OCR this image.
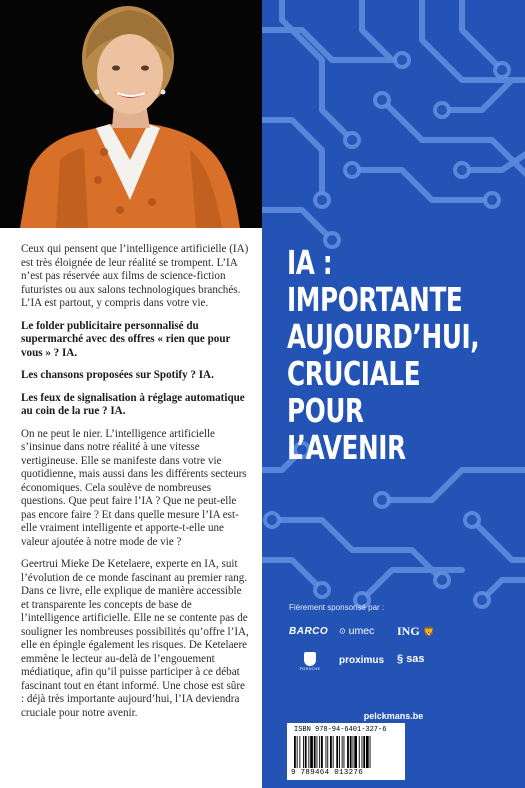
Ceux qui pensent que l’intelligence artificielle (IA) est très éloignée de leur réalité se trompent. L’IA n’est pas réservée aux films de science-fiction futuristes ou aux salons technologiques branchés. L’IA est partout, y compris dans votre vie.

Le folder publicitaire personnalisé du supermarché avec des offres « rien que pour vous » ? IA.

Les chansons proposées sur Spotify ? IA.

Les feux de signalisation à réglage automatique au coin de la rue ? IA.

On ne peut le nier. L’intelligence artificielle s’insinue dans notre réalité à une vitesse vertigineuse. Elle se manifeste dans votre vie quotidienne, mais aussi dans les différents secteurs économiques. Cela soulève de nombreuses questions. Que peut faire l’IA ? Que ne peut-elle pas encore faire ? Et dans quelle mesure l’IA est-elle vraiment intelligente et apporte-t-elle une valeur ajoutée à notre mode de vie ?

Geertrui Mieke De Ketelaere, experte en IA, suit l’évolution de ce monde fascinant au premier rang. Dans ce livre, elle explique de manière accessible et transparente les concepts de base de l’intelligence artificielle. Elle ne se contente pas de souligner les nombreuses possibilités qu’offre l’IA, elle en épingle également les risques. De Ketelaere emmène le lecteur au-delà de l’engouement médiatique, afin qu’il puisse participer à ce débat fascinant tout en étant informé. Une chose est sûre : déjà très importante aujourd’hui, l’IA deviendra cruciale pour notre avenir.

IA :
IMPORTANTE
AUJOURD’HUI,
CRUCIALE
POUR
L’AVENIR
Fièrement sponsorisé par :
BARCO ⊙ umec ING 🦁
PORSCHE
proximus § sas
pelckmans.be
ISBN 978-94-6401-327-6
9 789464 013276
